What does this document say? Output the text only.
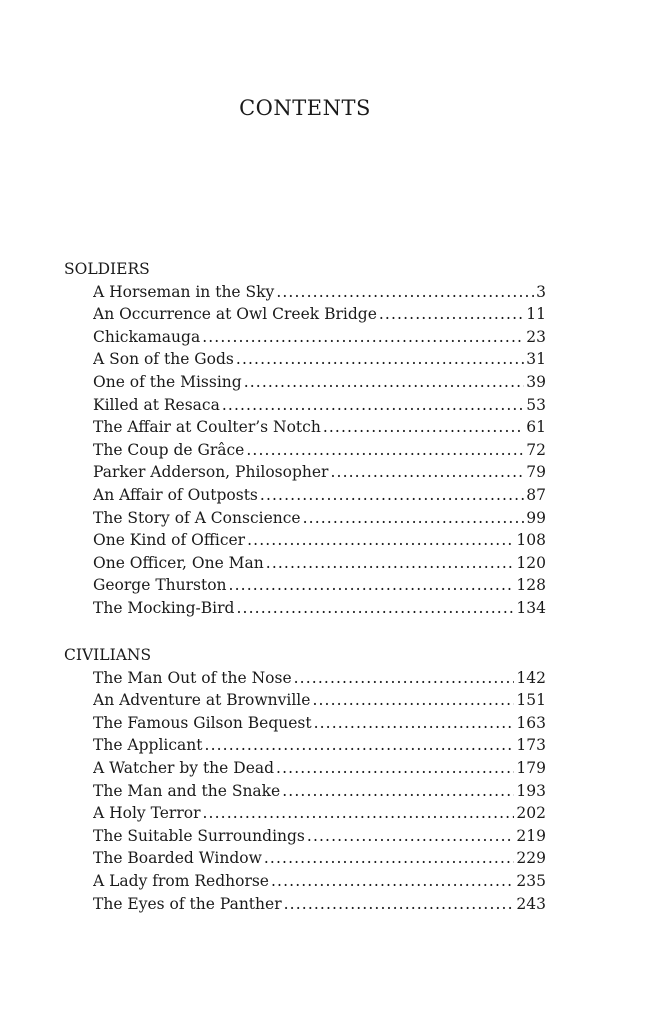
CONTENTS
SOLDIERS
A Horseman in the Sky . . .	3
An Occurrence at Owl Creek Bridge . . .	11
Chickamauga . . .	23
A Son of the Gods . . .	31
One of the Missing . . .	39
Killed at Resaca . . .	53
The Affair at Coulter’s Notch . . .	61
The Coup de Grâce . . .	72
Parker Adderson, Philosopher . . .	79
An Affair of Outposts . . .	87
The Story of A Conscience . . .	99
One Kind of Officer . . .	108
One Officer, One Man . . .	120
George Thurston . . .	128
The Mocking-Bird . . .	134
CIVILIANS
The Man Out of the Nose . . .	142
An Adventure at Brownville . . .	151
The Famous Gilson Bequest . . .	163
The Applicant . . .	173
A Watcher by the Dead . . .	179
The Man and the Snake . . .	193
A Holy Terror . . .	202
The Suitable Surroundings . . .	219
The Boarded Window . . .	229
A Lady from Redhorse . . .	235
The Eyes of the Panther . . .	243
